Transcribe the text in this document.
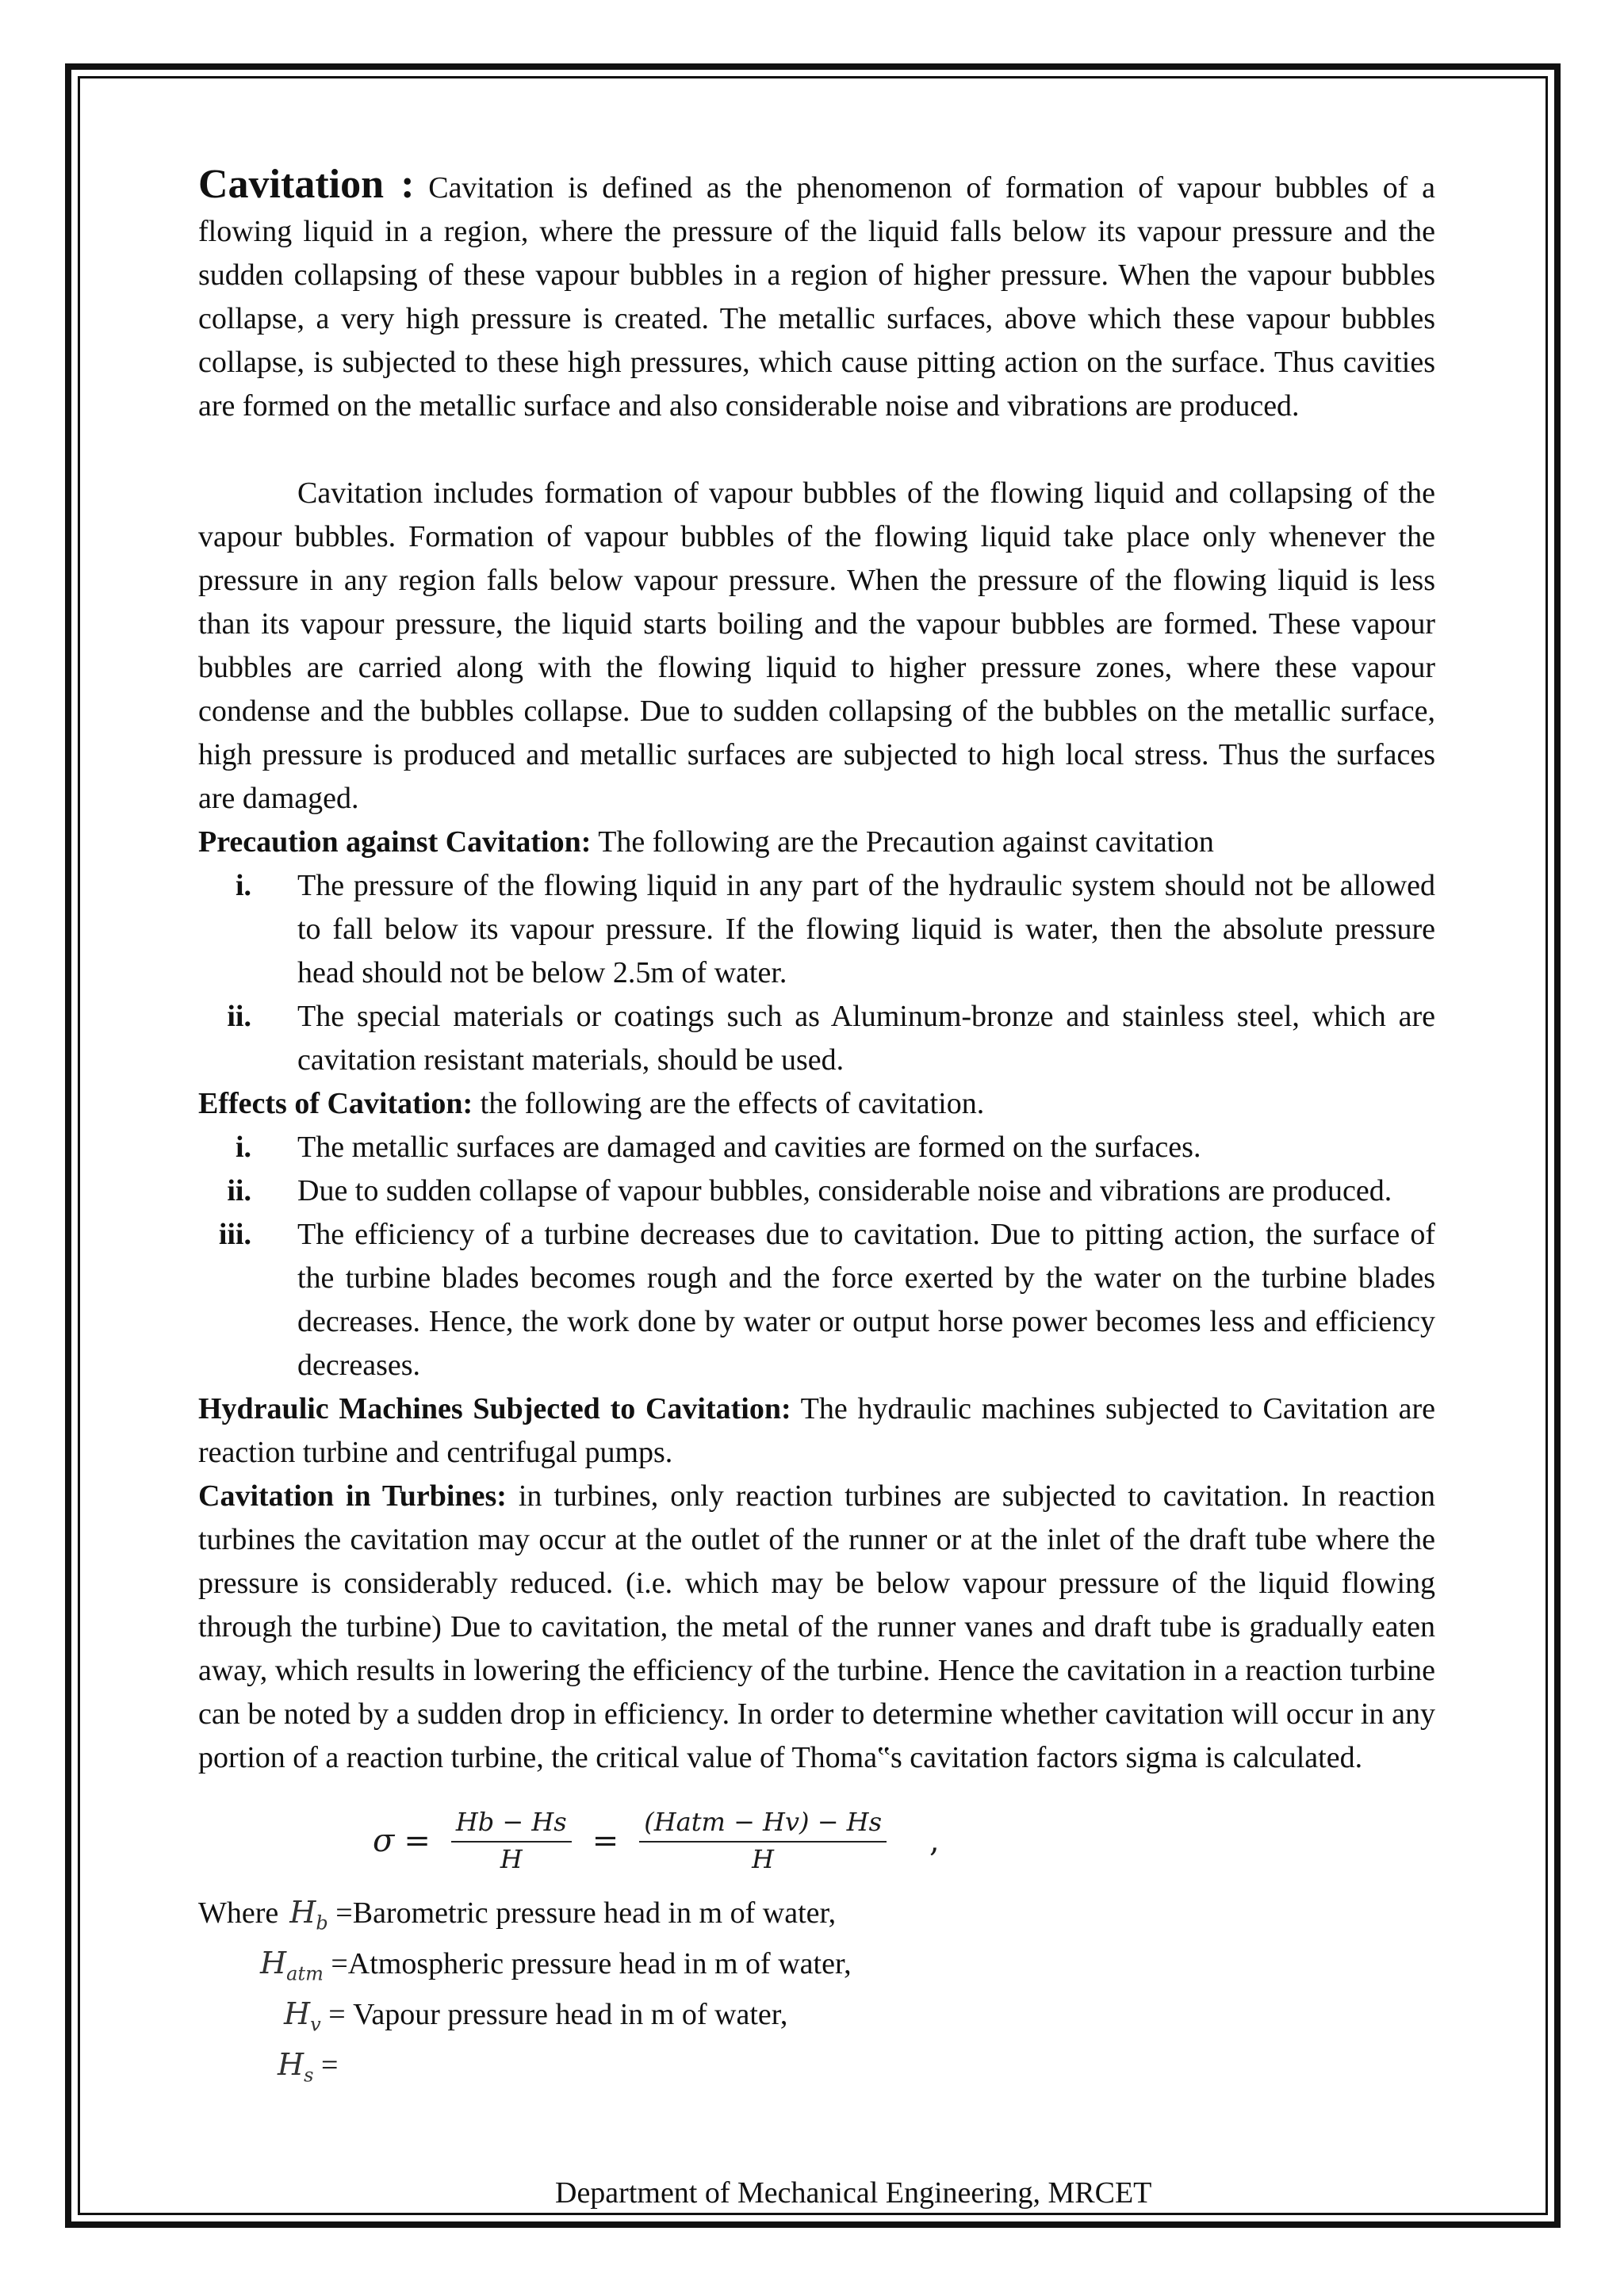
Cavitation : Cavitation is defined as the phenomenon of formation of vapour bubbles of a flowing liquid in a region, where the pressure of the liquid falls below its vapour pressure and the sudden collapsing of these vapour bubbles in a region of higher pressure. When the vapour bubbles collapse, a very high pressure is created. The metallic surfaces, above which these vapour bubbles collapse, is subjected to these high pressures, which cause pitting action on the surface. Thus cavities are formed on the metallic surface and also considerable noise and vibrations are produced.

Cavitation includes formation of vapour bubbles of the flowing liquid and collapsing of the vapour bubbles. Formation of vapour bubbles of the flowing liquid take place only whenever the pressure in any region falls below vapour pressure. When the pressure of the flowing liquid is less than its vapour pressure, the liquid starts boiling and the vapour bubbles are formed. These vapour bubbles are carried along with the flowing liquid to higher pressure zones, where these vapour condense and the bubbles collapse. Due to sudden collapsing of the bubbles on the metallic surface, high pressure is produced and metallic surfaces are subjected to high local stress. Thus the surfaces are damaged.

Precaution against Cavitation: The following are the Precaution against cavitation

i.	The pressure of the flowing liquid in any part of the hydraulic system should not be allowed to fall below its vapour pressure. If the flowing liquid is water, then the absolute pressure head should not be below 2.5m of water.
ii.	The special materials or coatings such as Aluminum-bronze and stainless steel, which are cavitation resistant materials, should be used.

Effects of Cavitation: the following are the effects of cavitation.

i.	The metallic surfaces are damaged and cavities are formed on the surfaces.
ii.	Due to sudden collapse of vapour bubbles, considerable noise and vibrations are produced.
iii.	The efficiency of a turbine decreases due to cavitation. Due to pitting action, the surface of the turbine blades becomes rough and the force exerted by the water on the turbine blades decreases. Hence, the work done by water or output horse power becomes less and efficiency decreases.

Hydraulic Machines Subjected to Cavitation: The hydraulic machines subjected to Cavitation are reaction turbine and centrifugal pumps.

Cavitation in Turbines: in turbines, only reaction turbines are subjected to cavitation. In reaction turbines the cavitation may occur at the outlet of the runner or at the inlet of the draft tube where the pressure is considerably reduced. (i.e. which may be below vapour pressure of the liquid flowing through the turbine) Due to cavitation, the metal of the runner vanes and draft tube is gradually eaten away, which results in lowering the efficiency of the turbine. Hence the cavitation in a reaction turbine can be noted by a sudden drop in efficiency. In order to determine whether cavitation will occur in any portion of a reaction turbine, the critical value of Thoma‟s cavitation factors sigma is calculated.

$\sigma = \frac{Hb - Hs}{H} = \frac{\text{(Hatm − Hv) − Hs}}{H}$ ,
Where $H_b$ = Barometric pressure head in m of water,
$H_{atm}$ = Atmospheric pressure head in m of water,
$H_v$ = Vapour pressure head in m of water,
$H_s$ =
Department of Mechanical Engineering, MRCET
